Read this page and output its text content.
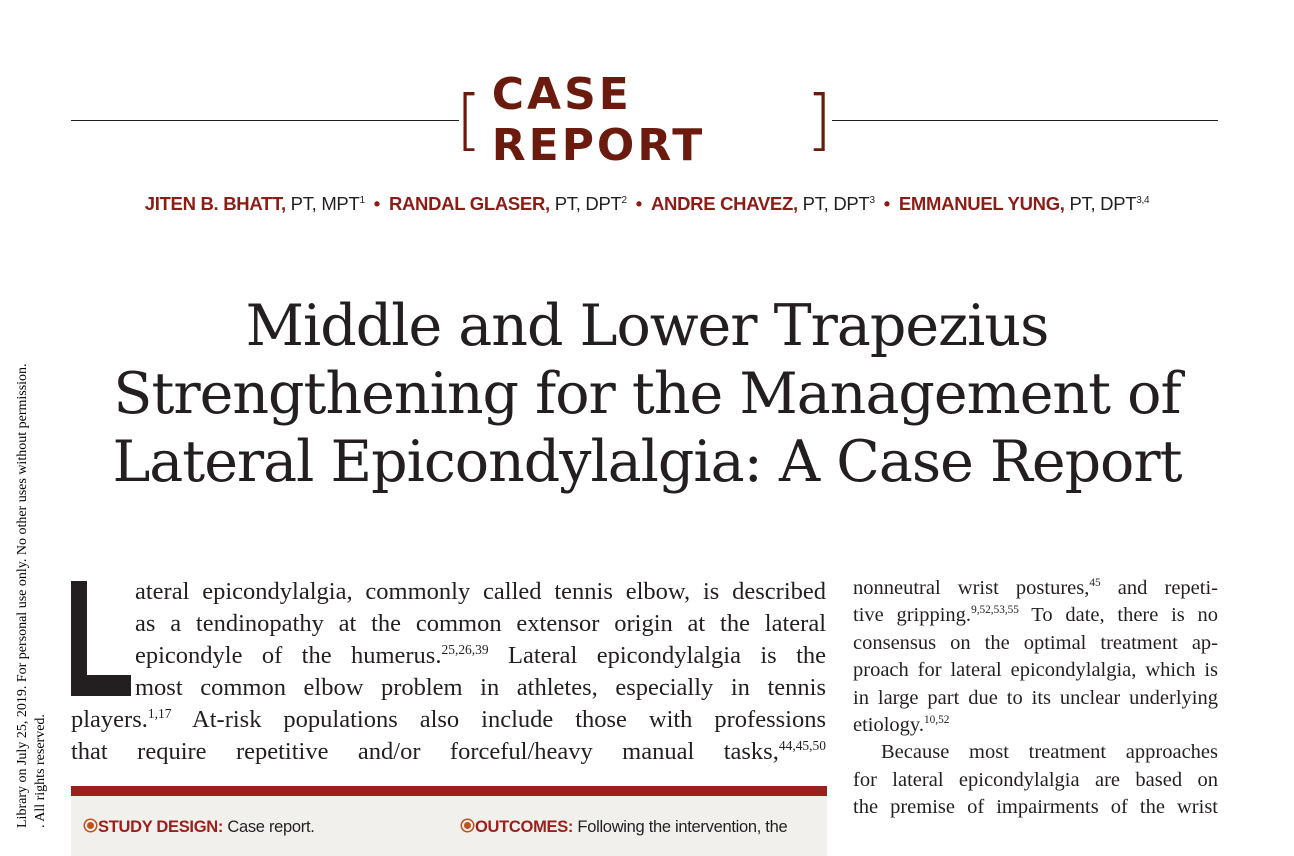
Library on July 25, 2019. For personal use only. No other uses without permission. . All rights reserved.
[ CASE REPORT	]
JITEN B. BHATT, PT, MPT$^1$ • RANDAL GLASER, PT, DPT$^2$ • ANDRE CHAVEZ, PT, DPT$^3$ • EMMANUEL YUNG, PT, DPT$^{3,4}$
Middle and Lower Trapezius
Strengthening for the Management of
Lateral Epicondylalgia: A Case Report
ateral epicondylalgia, commonly called tennis elbow, is described
as a tendinopathy at the common extensor origin at the lateral
epicondyle of the humerus.$^{25,26,39}$ Lateral epicondylalgia is the
most common elbow problem in athletes, especially in tennis
players.$^{1,17}$ At-risk populations also include those with professions
that require repetitive and/or forceful/heavy manual tasks,$^{44,45,50}$
nonneutral wrist postures,$^{45}$ and repeti-
tive gripping.$^{9,52,53,55}$ To date, there is no
consensus on the optimal treatment ap-
proach for lateral epicondylalgia, which is
in large part due to its unclear underlying
etiology.$^{10,52}$
Because most treatment approaches
for lateral epicondylalgia are based on
the premise of impairments of the wrist
STUDY DESIGN: Case report.	OUTCOMES: Following the intervention, the
